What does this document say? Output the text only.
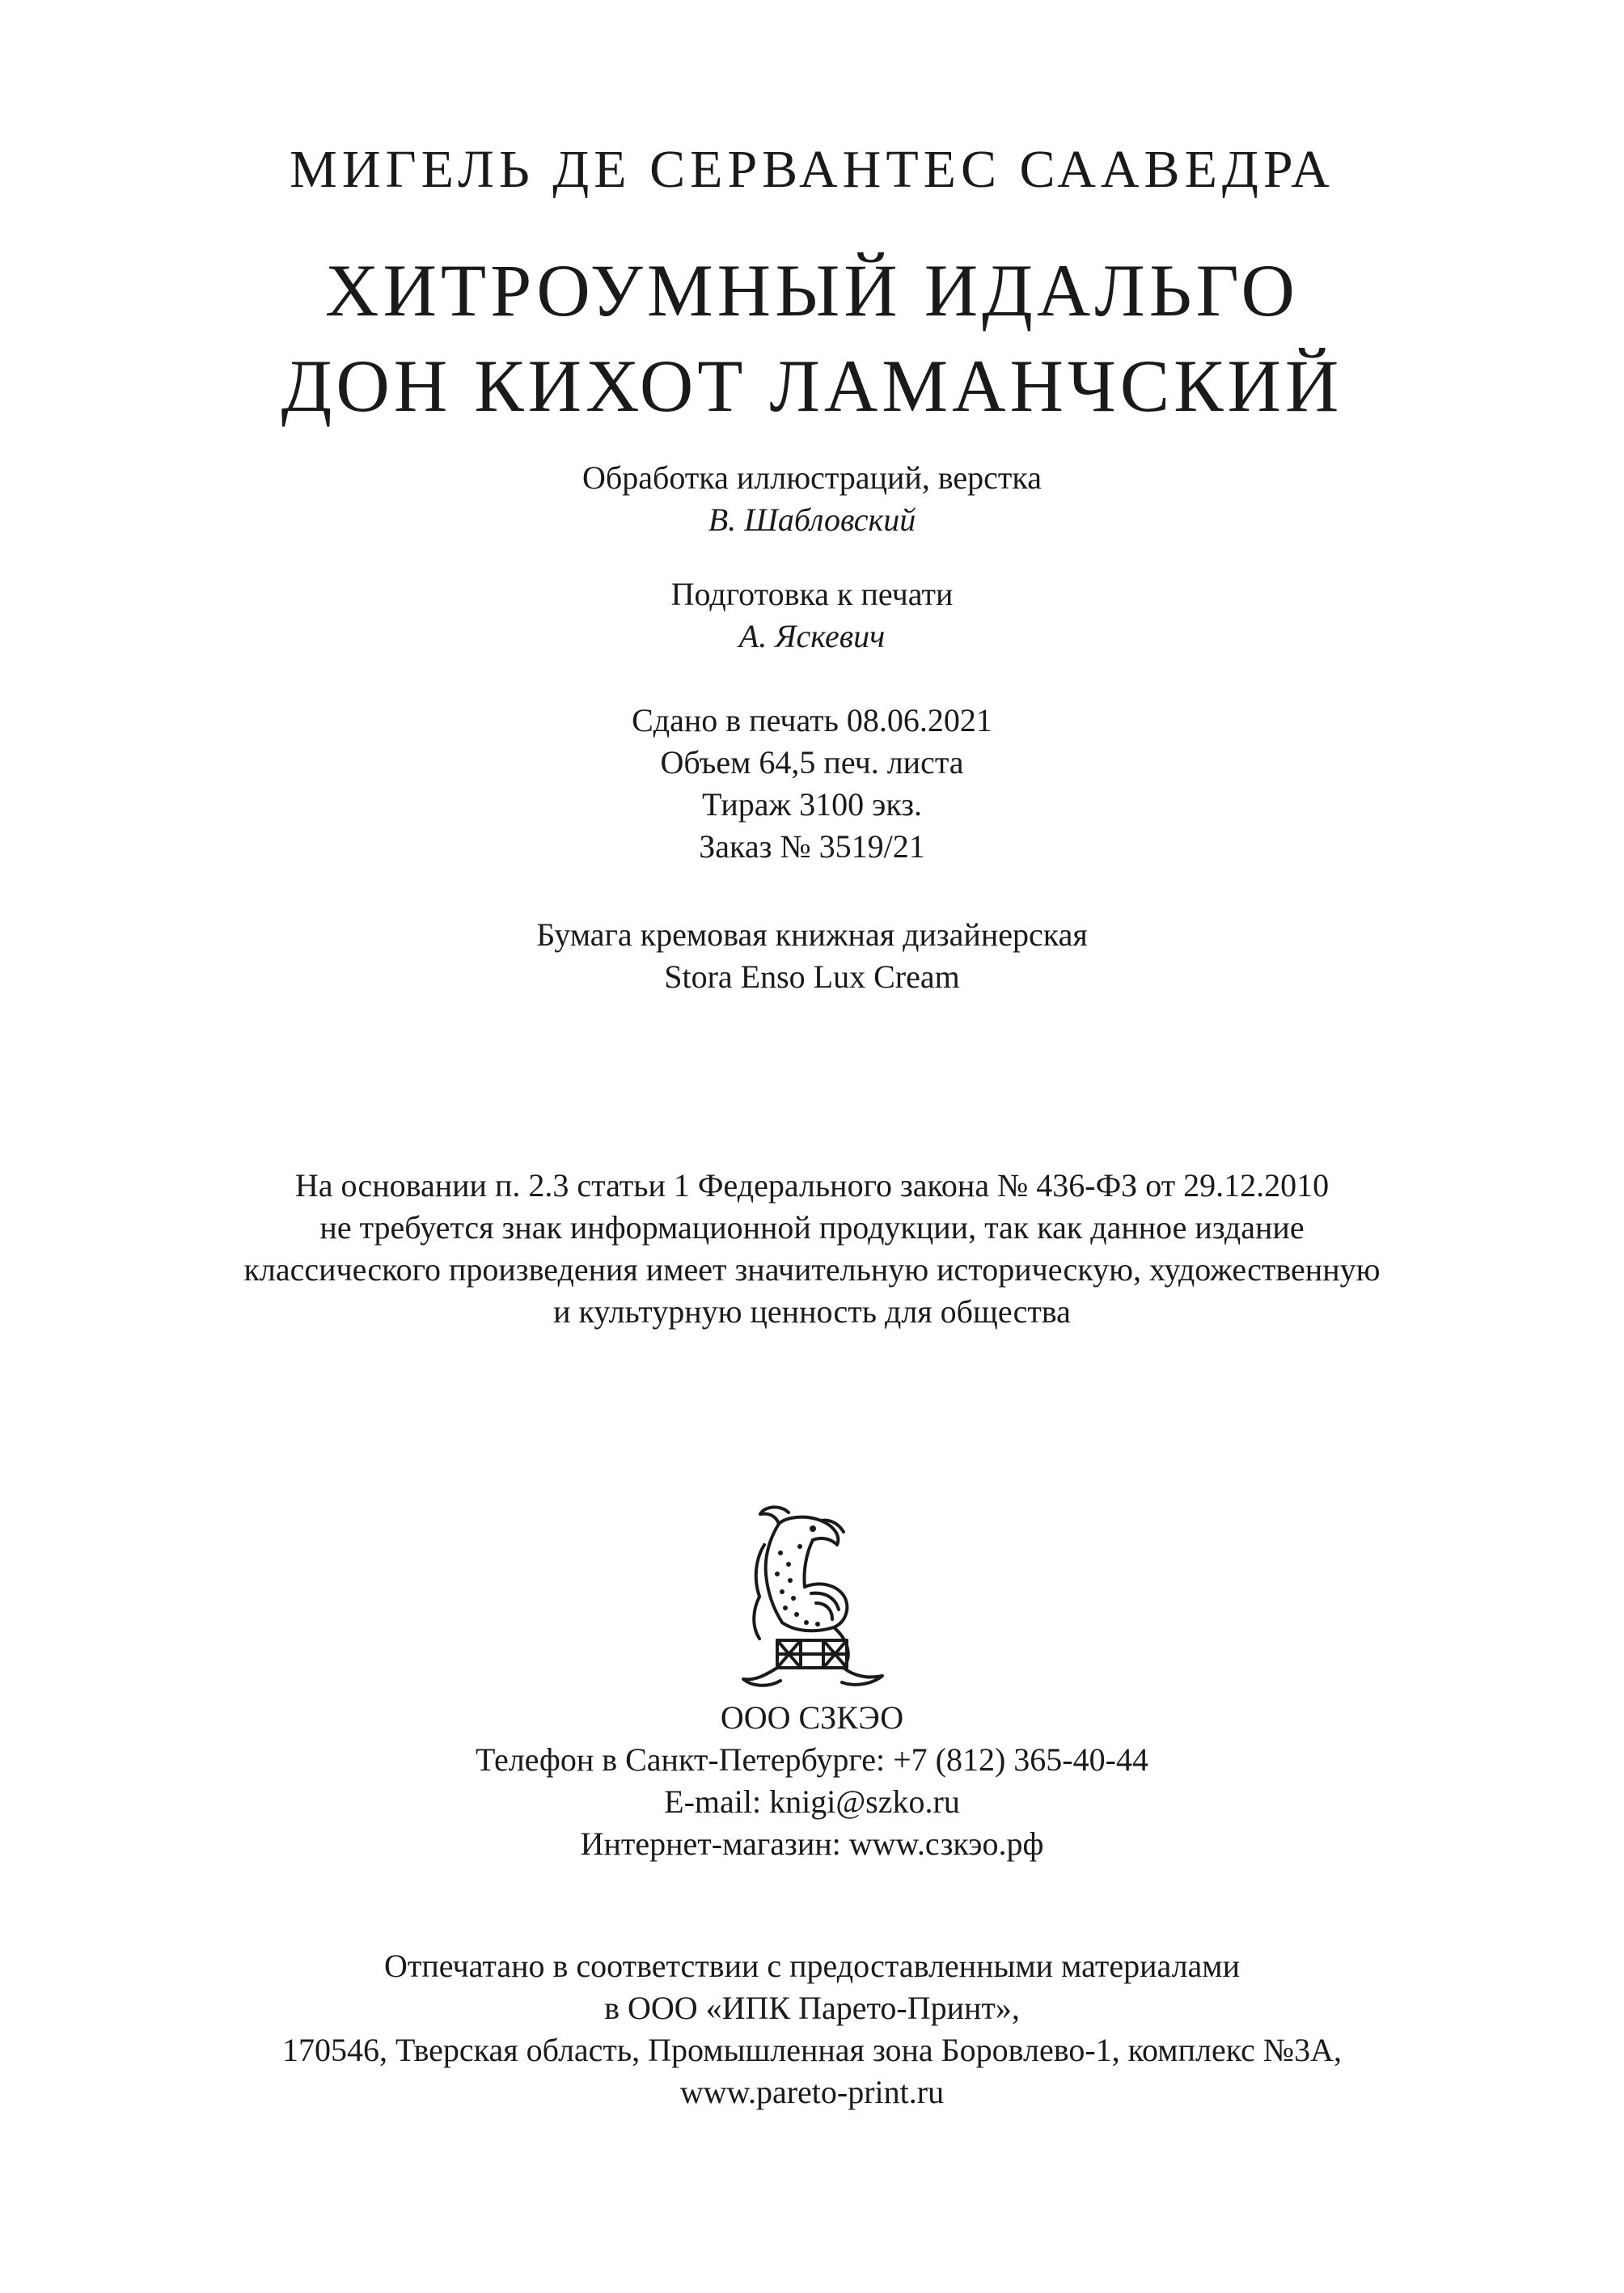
МИГЕЛЬ ДЕ СЕРВАНТЕС СААВЕДРА
ХИТРОУМНЫЙ ИДАЛЬГО
ДОН КИХОТ ЛАМАНЧСКИЙ
Обработка иллюстраций, верстка
В. Шабловский
Подготовка к печати
А. Яскевич
Сдано в печать 08.06.2021
Объем 64,5 печ. листа
Тираж 3100 экз.
Заказ № 3519/21
Бумага кремовая книжная дизайнерская
Stora Enso Lux Cream
На основании п. 2.3 статьи 1 Федерального закона № 436-ФЗ от 29.12.2010
не требуется знак информационной продукции, так как данное издание
классического произведения имеет значительную историческую, художественную
и культурную ценность для общества
ООО СЗКЭО
Телефон в Санкт-Петербурге: +7 (812) 365-40-44
E-mail: knigi@szko.ru
Интернет-магазин: www.сзкэо.рф
Отпечатано в соответствии с предоставленными материалами
в ООО «ИПК Парето-Принт»,
170546, Тверская область, Промышленная зона Боровлево-1, комплекс №3А,
www.pareto-print.ru
